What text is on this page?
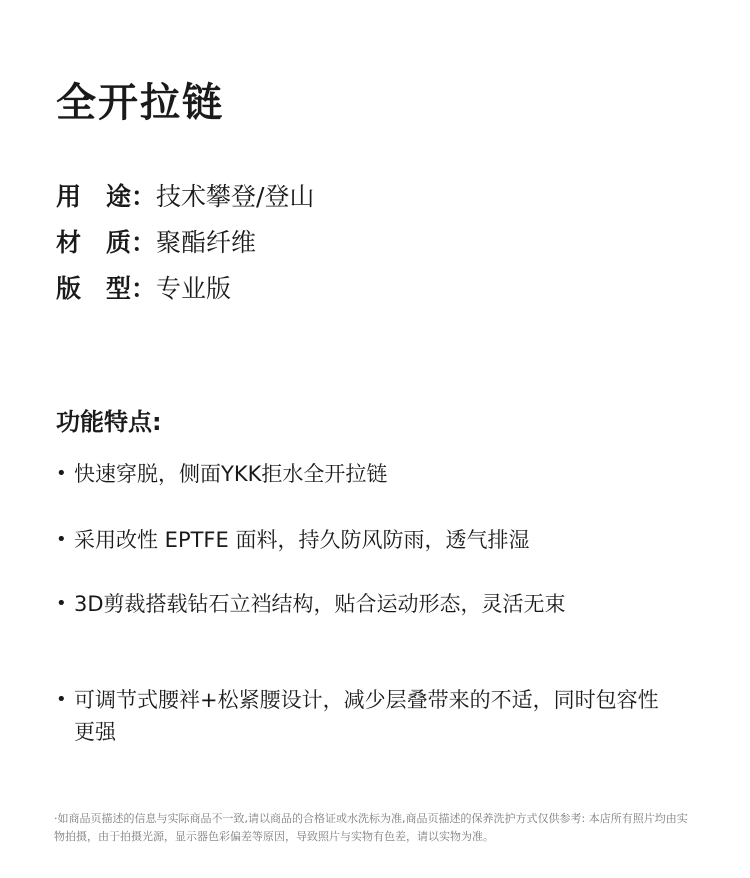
全开拉链
用 途： 技术攀登/登山
材 质： 聚酯纤维
版 型： 专业版
功能特点:
• 快速穿脱，侧面YKK拒水全开拉链
• 采用改性 EPTFE 面料，持久防风防雨，透气排湿
• 3D剪裁搭载钻石立裆结构，贴合运动形态，灵活无束
• 可调节式腰袢+松紧腰设计，减少层叠带来的不适，同时包容性更强
·如商品页描述的信息与实际商品不一致,请以商品的合格证或水洗标为准,商品页描述的保养洗护方式仅供参考: 本店所有照片均由实物拍摄，由于拍摄光源，显示器色彩偏差等原因，导致照片与实物有色差，请以实物为准。
